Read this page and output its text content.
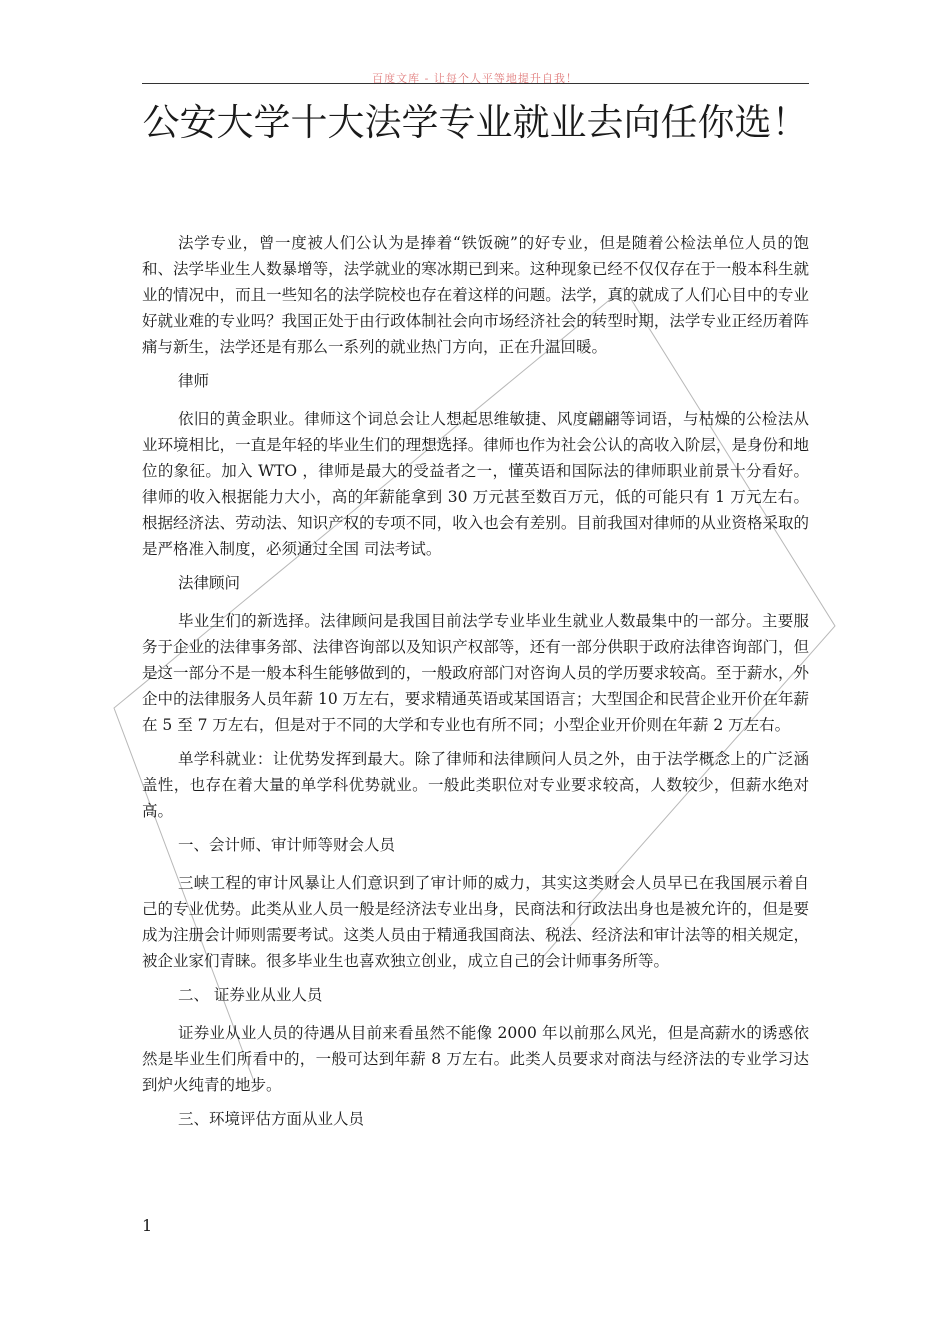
百度文库 - 让每个人平等地提升自我！
公安大学十大法学专业就业去向任你选！

法学专业，曾一度被人们公认为是捧着“铁饭碗”的好专业，但是随着公检法单位人员的饱和、法学毕业生人数暴增等，法学就业的寒冰期已到来。这种现象已经不仅仅存在于一般本科生就业的情况中，而且一些知名的法学院校也存在着这样的问题。法学，真的就成了人们心目中的专业好就业难的专业吗？我国正处于由行政体制社会向市场经济社会的转型时期，法学专业正经历着阵痛与新生，法学还是有那么一系列的就业热门方向，正在升温回暖。

律师

依旧的黄金职业。律师这个词总会让人想起思维敏捷、风度翩翩等词语，与枯燥的公检法从业环境相比，一直是年轻的毕业生们的理想选择。律师也作为社会公认的高收入阶层，是身份和地位的象征。加入 WTO ，律师是最大的受益者之一，懂英语和国际法的律师职业前景十分看好。律师的收入根据能力大小，高的年薪能拿到 30 万元甚至数百万元，低的可能只有 1 万元左右。根据经济法、劳动法、知识产权的专项不同，收入也会有差别。目前我国对律师的从业资格采取的是严格准入制度，必须通过全国 司法考试。

法律顾问

毕业生们的新选择。法律顾问是我国目前法学专业毕业生就业人数最集中的一部分。主要服务于企业的法律事务部、法律咨询部以及知识产权部等，还有一部分供职于政府法律咨询部门，但是这一部分不是一般本科生能够做到的，一般政府部门对咨询人员的学历要求较高。至于薪水，外企中的法律服务人员年薪 10 万左右，要求精通英语或某国语言；大型国企和民营企业开价在年薪在 5 至 7 万左右，但是对于不同的大学和专业也有所不同；小型企业开价则在年薪 2 万左右。

单学科就业：让优势发挥到最大。除了律师和法律顾问人员之外，由于法学概念上的广泛涵盖性，也存在着大量的单学科优势就业。一般此类职位对专业要求较高，人数较少，但薪水绝对高。

一、会计师、审计师等财会人员

三峡工程的审计风暴让人们意识到了审计师的威力，其实这类财会人员早已在我国展示着自己的专业优势。此类从业人员一般是经济法专业出身，民商法和行政法出身也是被允许的，但是要成为注册会计师则需要考试。这类人员由于精通我国商法、税法、经济法和审计法等的相关规定，被企业家们青睐。很多毕业生也喜欢独立创业，成立自己的会计师事务所等。

二、 证券业从业人员

证券业从业人员的待遇从目前来看虽然不能像 2000 年以前那么风光，但是高薪水的诱惑依然是毕业生们所看中的，一般可达到年薪 8 万左右。此类人员要求对商法与经济法的专业学习达到炉火纯青的地步。

三、环境评估方面从业人员

1
